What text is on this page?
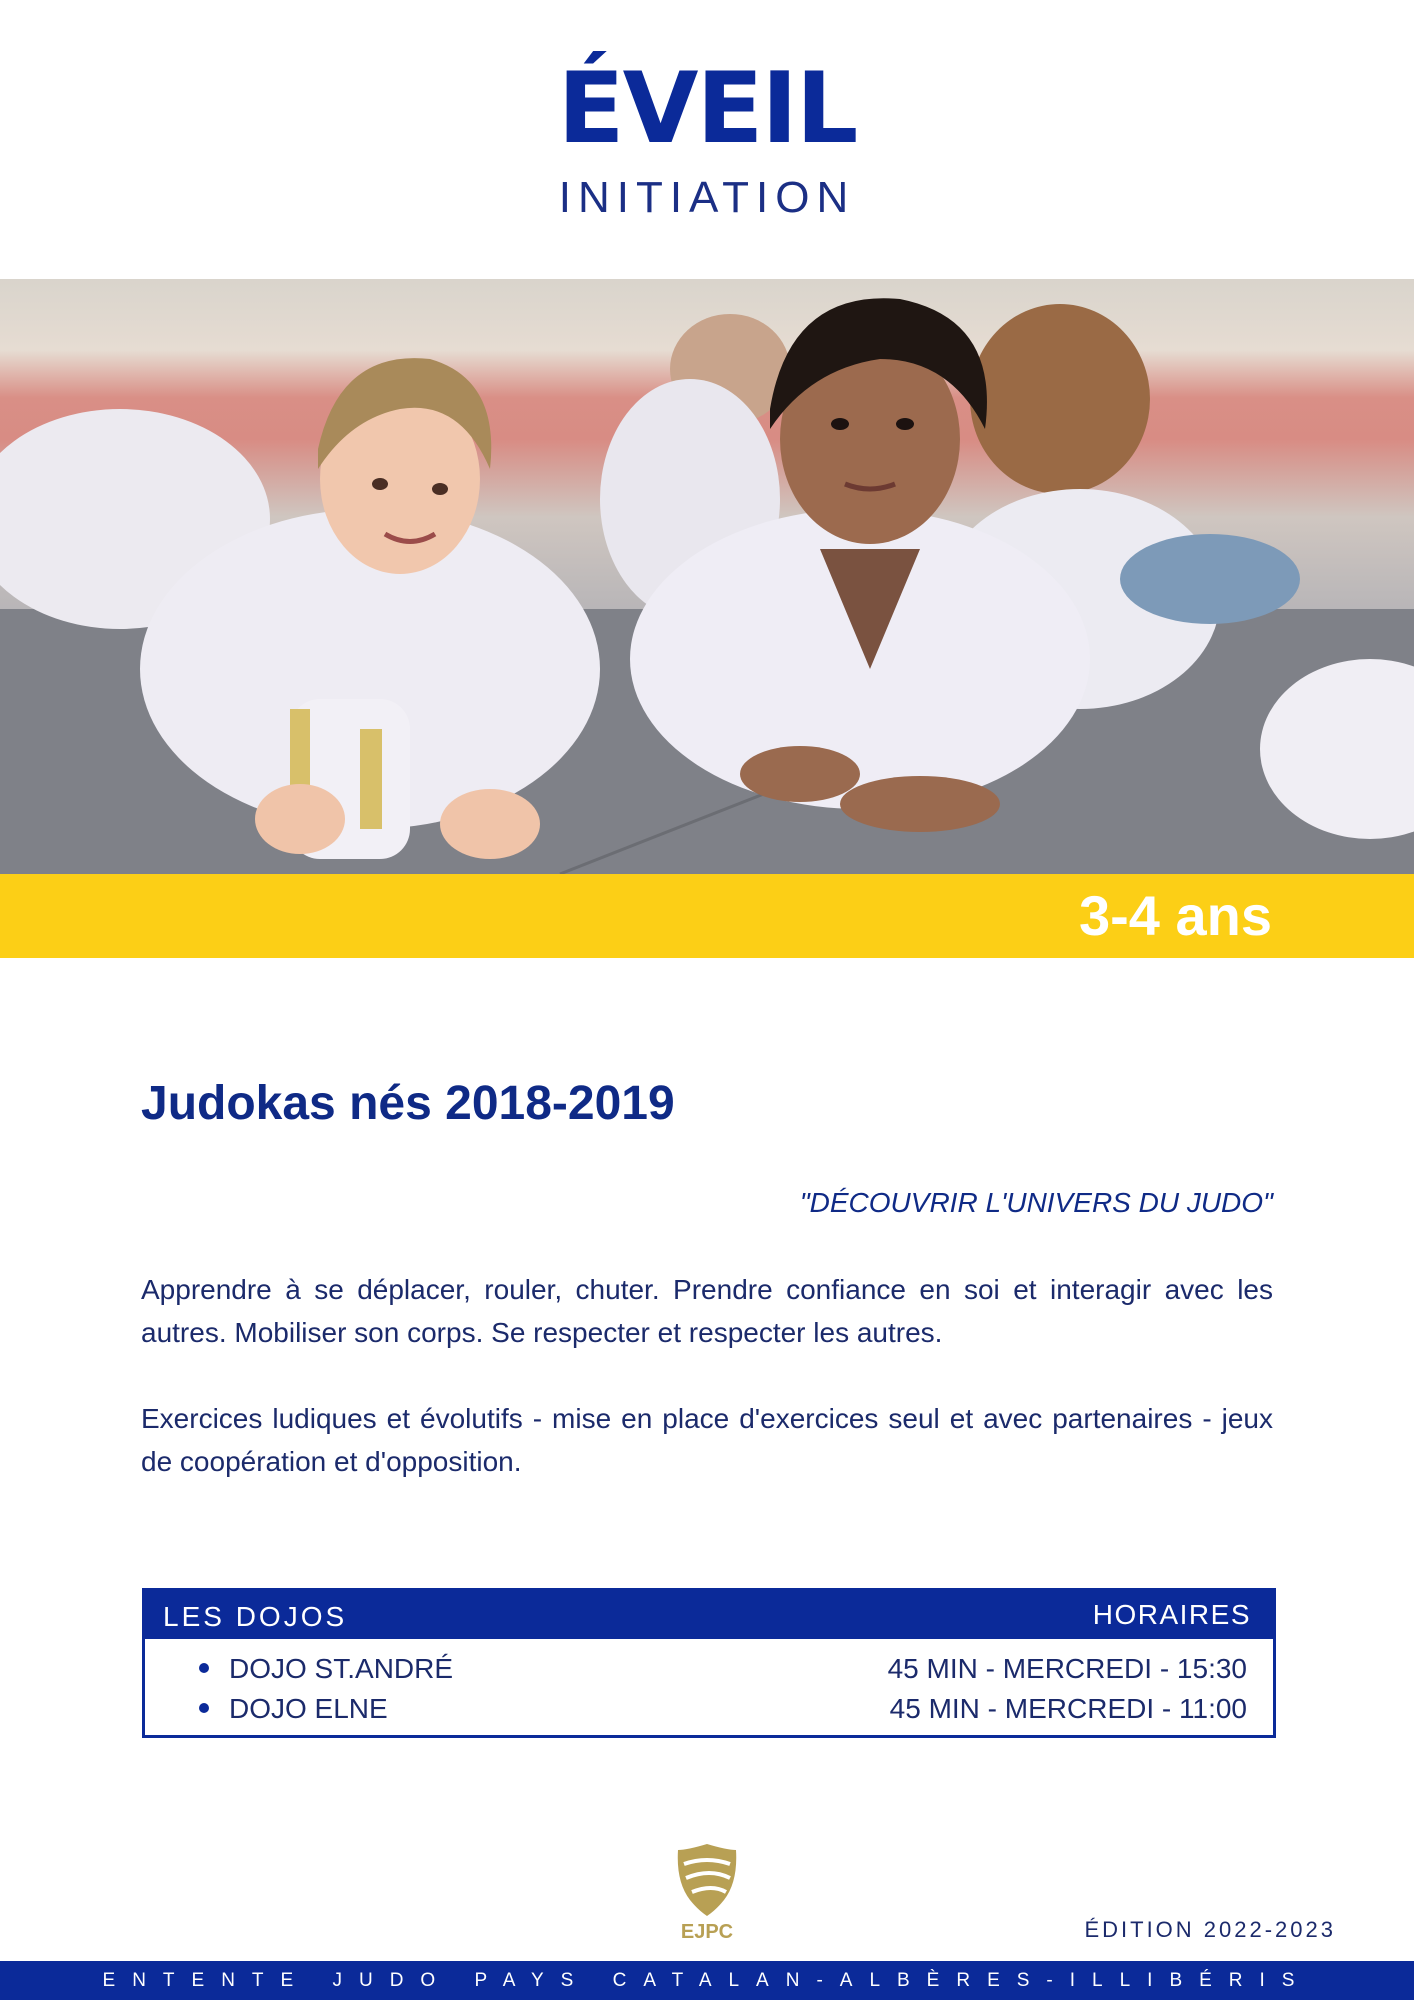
ÉVEIL
INITIATION
3-4 ans
Judokas nés 2018-2019
"DÉCOUVRIR L'UNIVERS DU JUDO"
Apprendre à se déplacer, rouler, chuter. Prendre confiance en soi et interagir avec les autres. Mobiliser son corps. Se respecter et respecter les autres.
Exercices ludiques et évolutifs - mise en place d'exercices seul et avec partenaires - jeux de coopération et d'opposition.
LES DOJOS	HORAIRES
DOJO ST.ANDRÉ	45 MIN - MERCREDI - 15:30
DOJO ELNE	45 MIN - MERCREDI - 11:00
EJPC	ÉDITION 2022-2023
ENTENTE JUDO PAYS CATALAN-ALBÈRES-ILLIBÉRIS
